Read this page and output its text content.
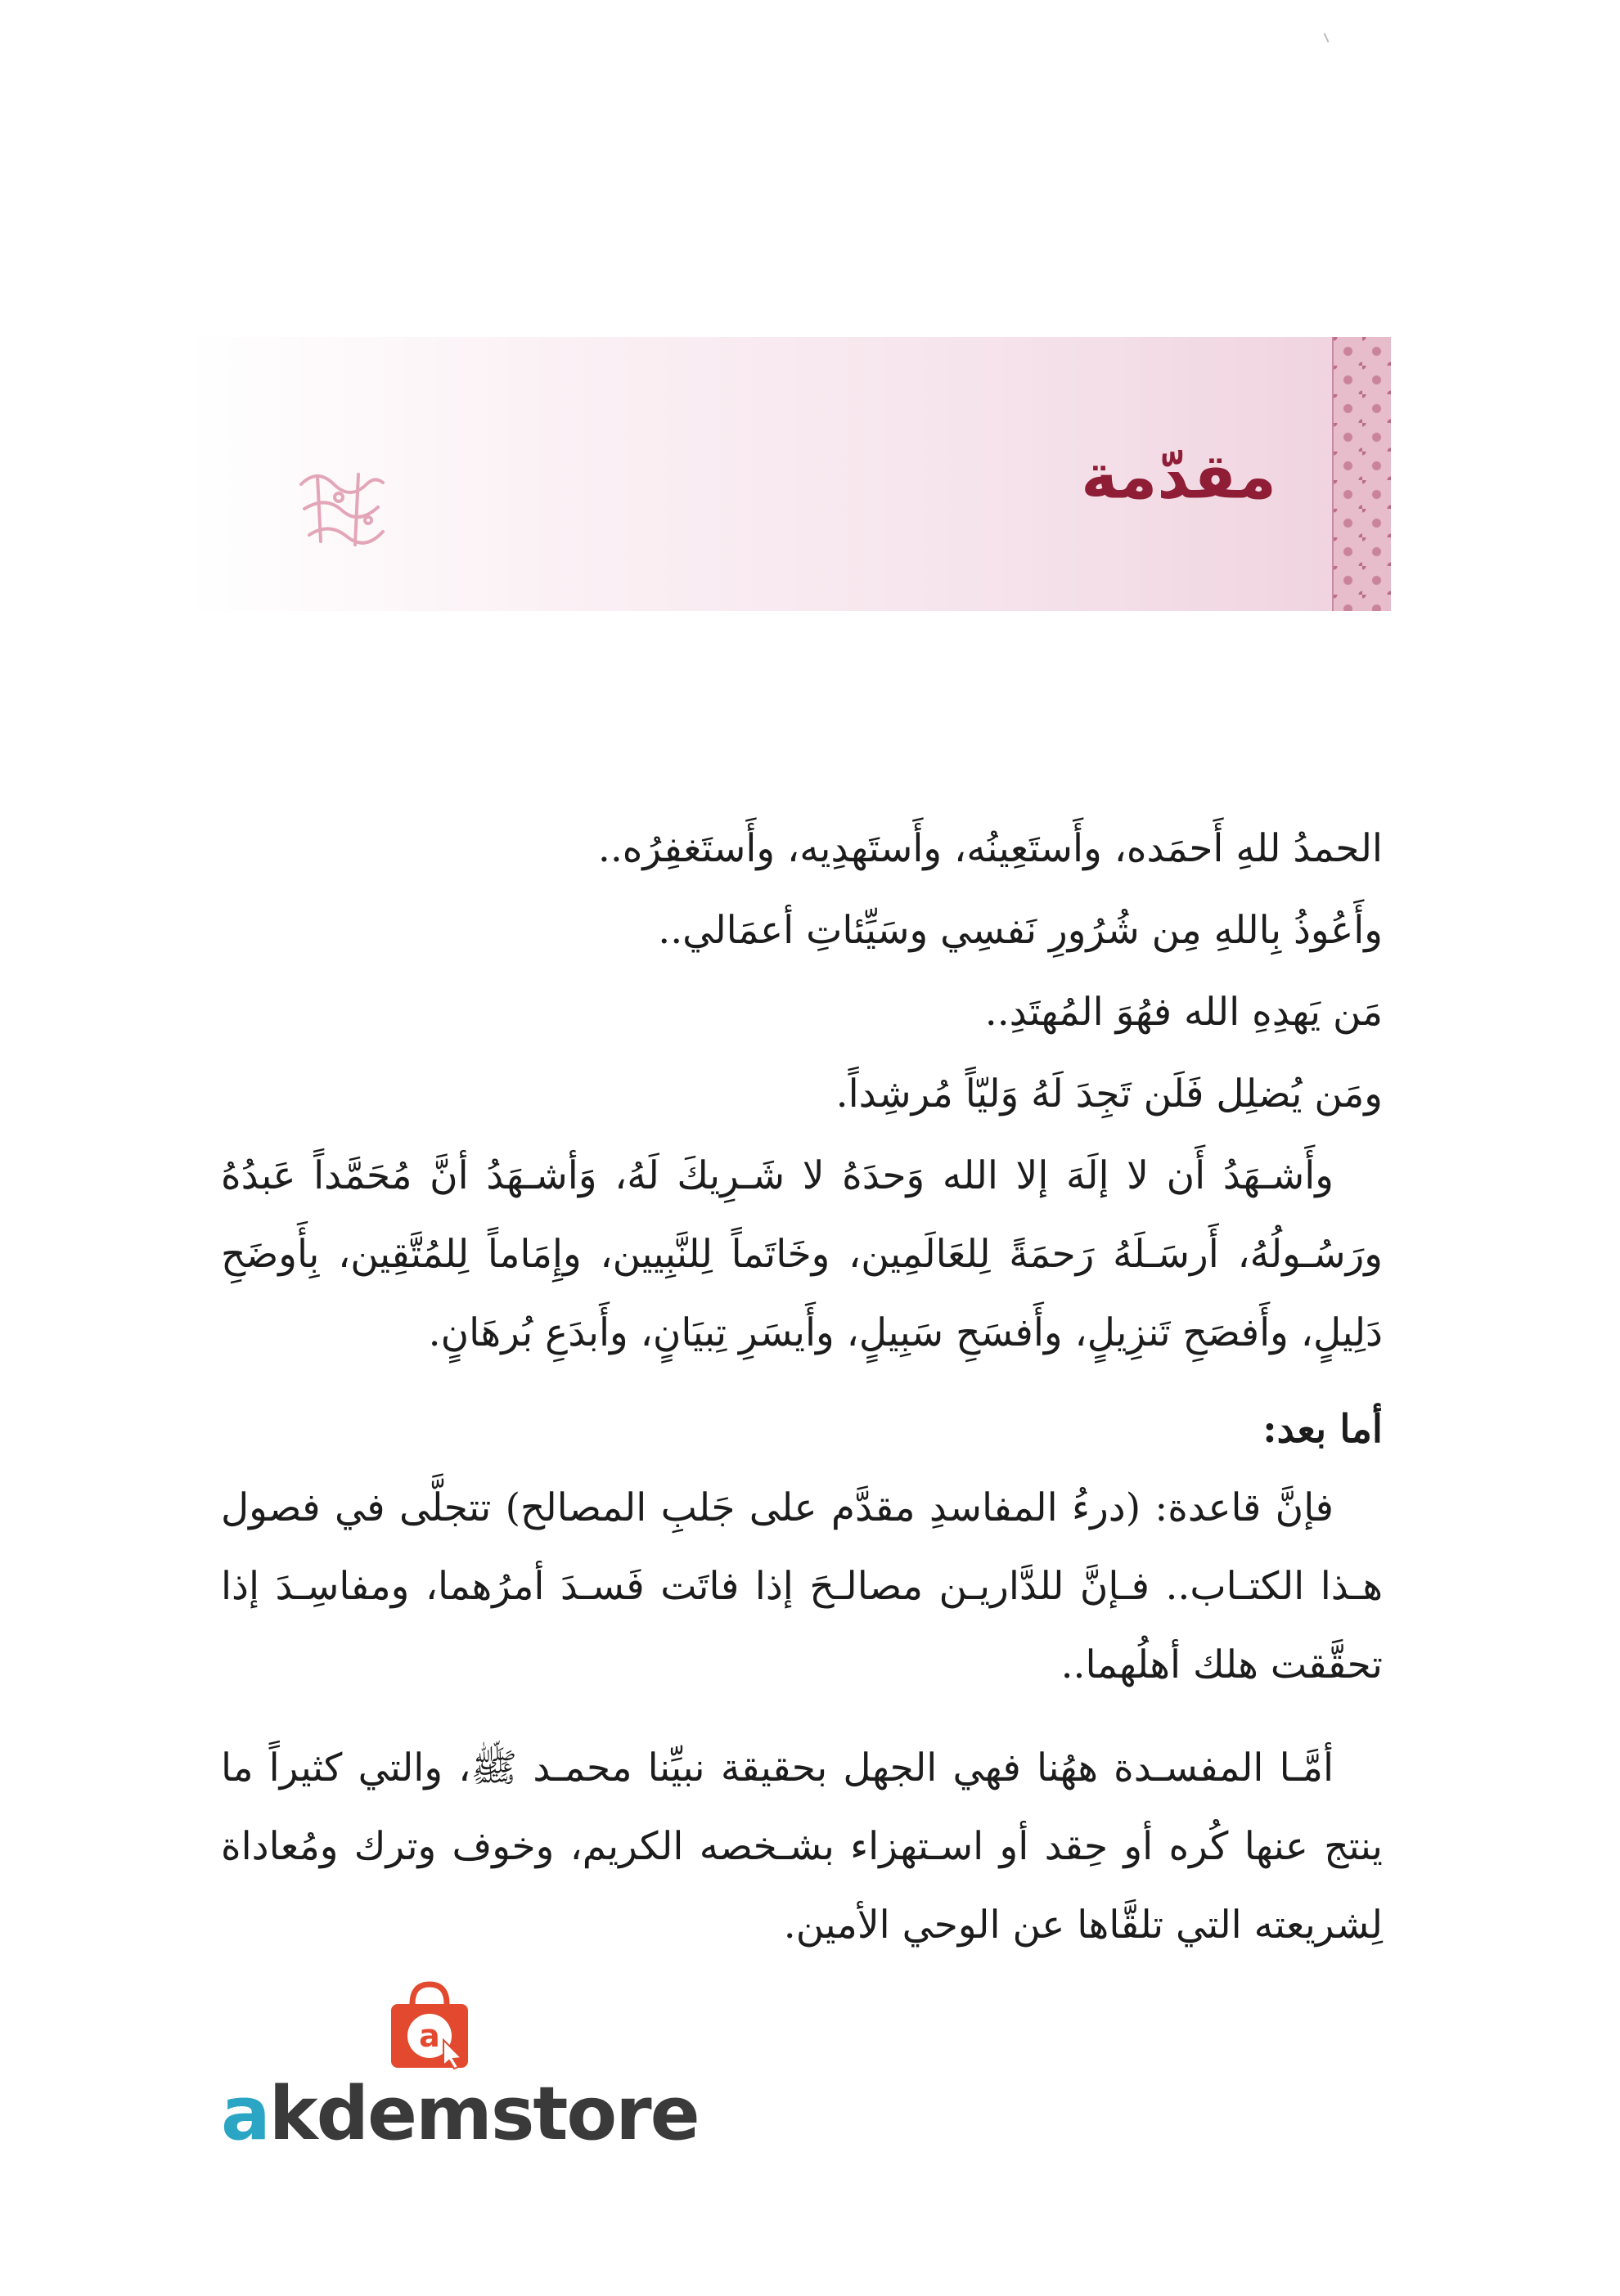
مقدّمة

الحمدُ للهِ أَحمَده، وأَستَعِينُه، وأَستَهدِيه، وأَستَغفِرُه..

وأَعُوذُ بِاللهِ مِن شُرُورِ نَفسِي وسَيِّئاتِ أعمَالي..

مَن يَهدِهِ الله فهُوَ المُهتَدِ..

ومَن يُضلِل فَلَن تَجِدَ لَهُ وَليّاً مُرشِداً.

وأَشـهَدُ أَن لا إلَهَ إلا الله وَحدَهُ لا شَـرِيكَ لَهُ، وَأشـهَدُ أنَّ مُحَمَّداً عَبدُهُ ورَسُـولُهُ، أَرسَـلَهُ رَحمَةً لِلعَالَمِين، وخَاتَماً لِلنَّبِيين، وإِمَاماً لِلمُتَّقِين، بِأَوضَحِ دَلِيلٍ، وأَفصَحِ تَنزِيلٍ، وأَفسَحِ سَبِيلٍ، وأَيسَرِ تِبيَانٍ، وأَبدَعِ بُرهَانٍ.

أما بعد:

فإنَّ قاعدة: (درءُ المفاسدِ مقدَّم على جَلبِ المصالح) تتجلَّى في فصول هـذا الكتـاب.. فـإنَّ للدَّاريـن مصالـحَ إذا فاتَت فَسـدَ أمرُهما، ومفاسِـدَ إذا تحقَّقت هلك أهلُهما..

أمَّـا المفسـدة ههُنا فهي الجهل بحقيقة نبيِّنا محمـد ﷺ، والتي كثيراً ما ينتج عنها كُره أو حِقد أو اسـتهزاء بشـخصه الكريم، وخوف وترك ومُعاداة لِشريعته التي تلقَّاها عن الوحي الأمين.

a
akdemstore
